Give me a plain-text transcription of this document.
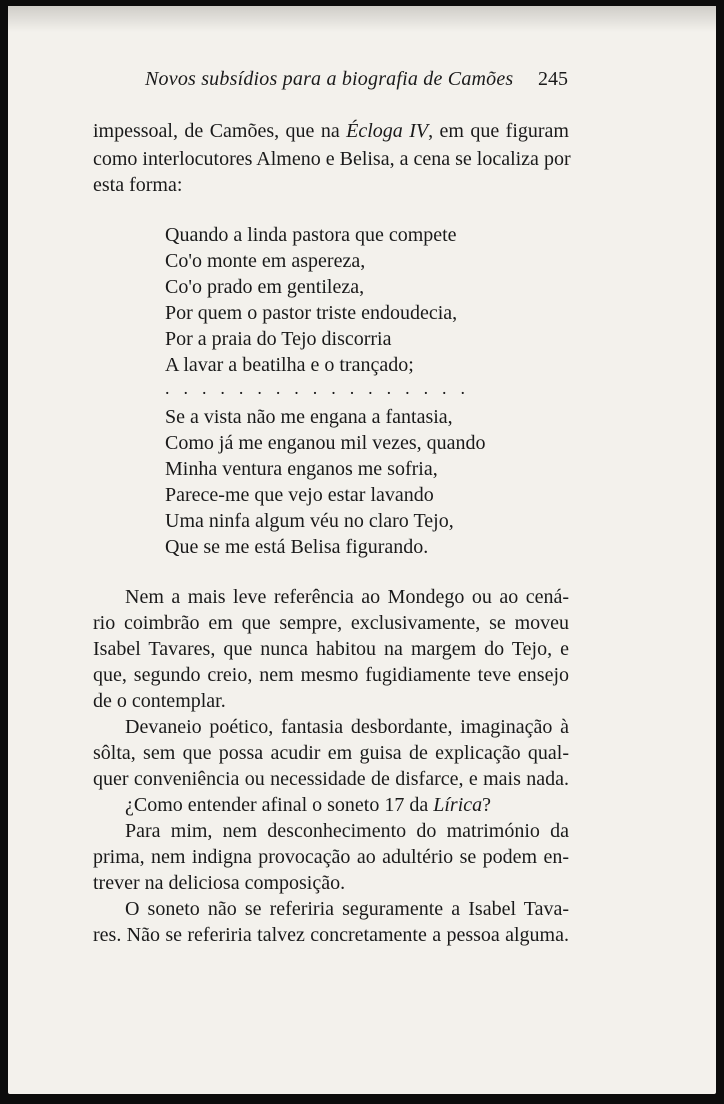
Novos subsídios para a biografia de Camões 245
impessoal, de Camões, que na Écloga IV, em que figuram
como interlocutores Almeno e Belisa, a cena se localiza por
esta forma:
Quando a linda pastora que compete
Co'o monte em aspereza,
Co'o prado em gentileza,
Por quem o pastor triste endoudecia,
Por a praia do Tejo discorria
A lavar a beatilha e o trançado;
. . . . . . . . . . . . . . . . .
Se a vista não me engana a fantasia,
Como já me enganou mil vezes, quando
Minha ventura enganos me sofria,
Parece-me que vejo estar lavando
Uma ninfa algum véu no claro Tejo,
Que se me está Belisa figurando.
Nem a mais leve referência ao Mondego ou ao cená-
rio coimbrão em que sempre, exclusivamente, se moveu
Isabel Tavares, que nunca habitou na margem do Tejo, e
que, segundo creio, nem mesmo fugidiamente teve ensejo
de o contemplar.
Devaneio poético, fantasia desbordante, imaginação à
sôlta, sem que possa acudir em guisa de explicação qual-
quer conveniência ou necessidade de disfarce, e mais nada.
¿Como entender afinal o soneto 17 da Lírica?
Para mim, nem desconhecimento do matrimónio da
prima, nem indigna provocação ao adultério se podem en-
trever na deliciosa composição.
O soneto não se referiria seguramente a Isabel Tava-
res. Não se referiria talvez concretamente a pessoa alguma.
